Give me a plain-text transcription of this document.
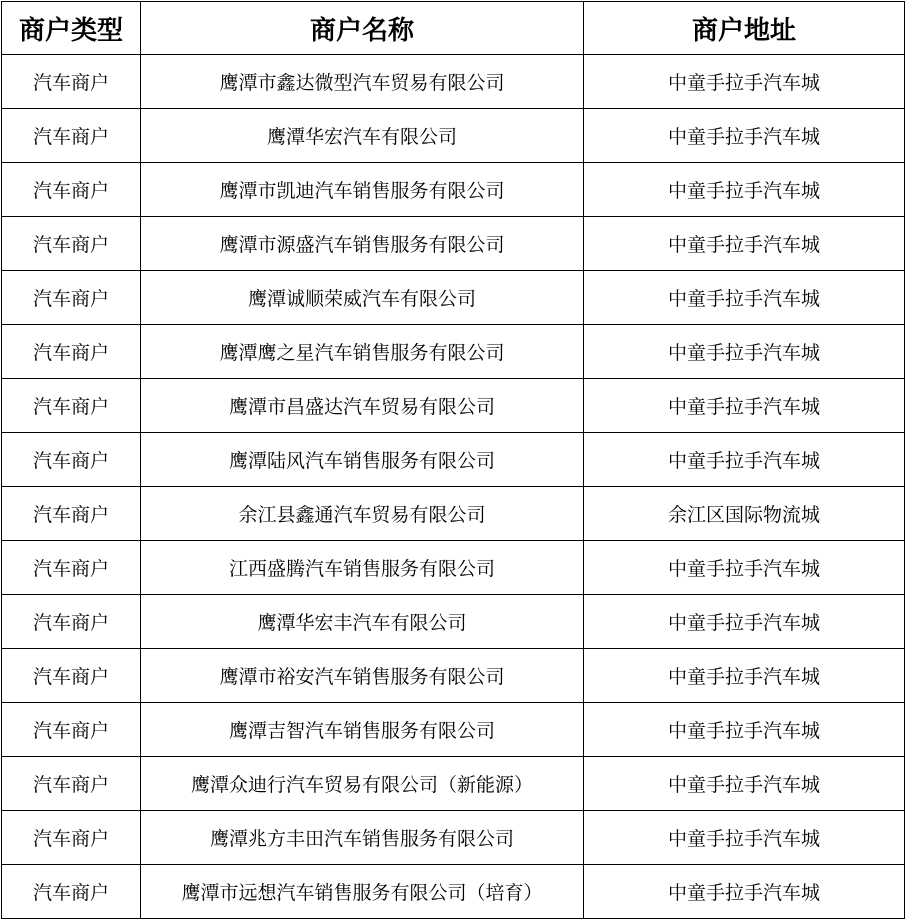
商户类型	商户名称	商户地址
汽车商户	鹰潭市鑫达微型汽车贸易有限公司	中童手拉手汽车城
汽车商户	鹰潭华宏汽车有限公司	中童手拉手汽车城
汽车商户	鹰潭市凯迪汽车销售服务有限公司	中童手拉手汽车城
汽车商户	鹰潭市源盛汽车销售服务有限公司	中童手拉手汽车城
汽车商户	鹰潭诚顺荣威汽车有限公司	中童手拉手汽车城
汽车商户	鹰潭鹰之星汽车销售服务有限公司	中童手拉手汽车城
汽车商户	鹰潭市昌盛达汽车贸易有限公司	中童手拉手汽车城
汽车商户	鹰潭陆风汽车销售服务有限公司	中童手拉手汽车城
汽车商户	余江县鑫通汽车贸易有限公司	余江区国际物流城
汽车商户	江西盛腾汽车销售服务有限公司	中童手拉手汽车城
汽车商户	鹰潭华宏丰汽车有限公司	中童手拉手汽车城
汽车商户	鹰潭市裕安汽车销售服务有限公司	中童手拉手汽车城
汽车商户	鹰潭吉智汽车销售服务有限公司	中童手拉手汽车城
汽车商户	鹰潭众迪行汽车贸易有限公司（新能源）	中童手拉手汽车城
汽车商户	鹰潭兆方丰田汽车销售服务有限公司	中童手拉手汽车城
汽车商户	鹰潭市远想汽车销售服务有限公司（培育）	中童手拉手汽车城
